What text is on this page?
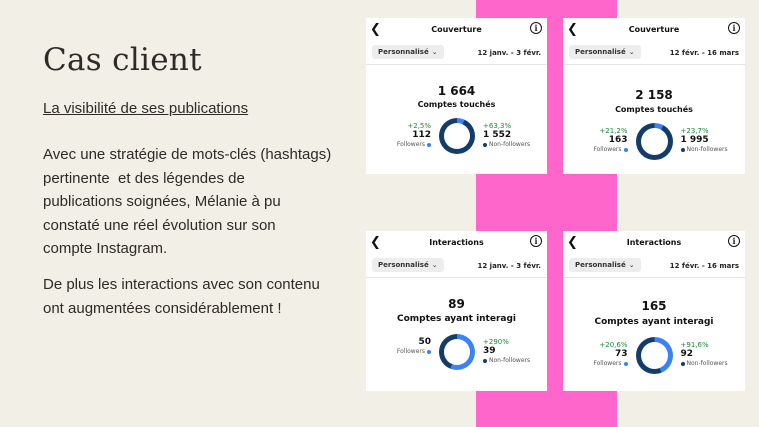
Cas client
La visibilité de ses publications
Avec une stratégie de mots-clés (hashtags)
pertinente  et des légendes de
publications soignées, Mélanie à pu
constaté une réel évolution sur son
compte Instagram.
De plus les interactions avec son contenu
ont augmentées considérablement !
❮	Couverture	i
Personnalisé ⌄	12 janv. - 3 févr.
1 664
Comptes touchés
+2,5%
112
Followers
+63,3%
1 552
Non-followers
❮	Couverture	i
Personnalisé ⌄	12 févr. - 16 mars
2 158
Comptes touchés
+21,2%
163
Followers
+23,7%
1 995
Non-followers
❮	Interactions	i
Personnalisé ⌄	12 janv. - 3 févr.
89
Comptes ayant interagi
50
Followers
+290%
39
Non-followers
❮	Interactions	i
Personnalisé ⌄	12 févr. - 16 mars
165
Comptes ayant interagi
+20,6%
73
Followers
+91,6%
92
Non-followers
